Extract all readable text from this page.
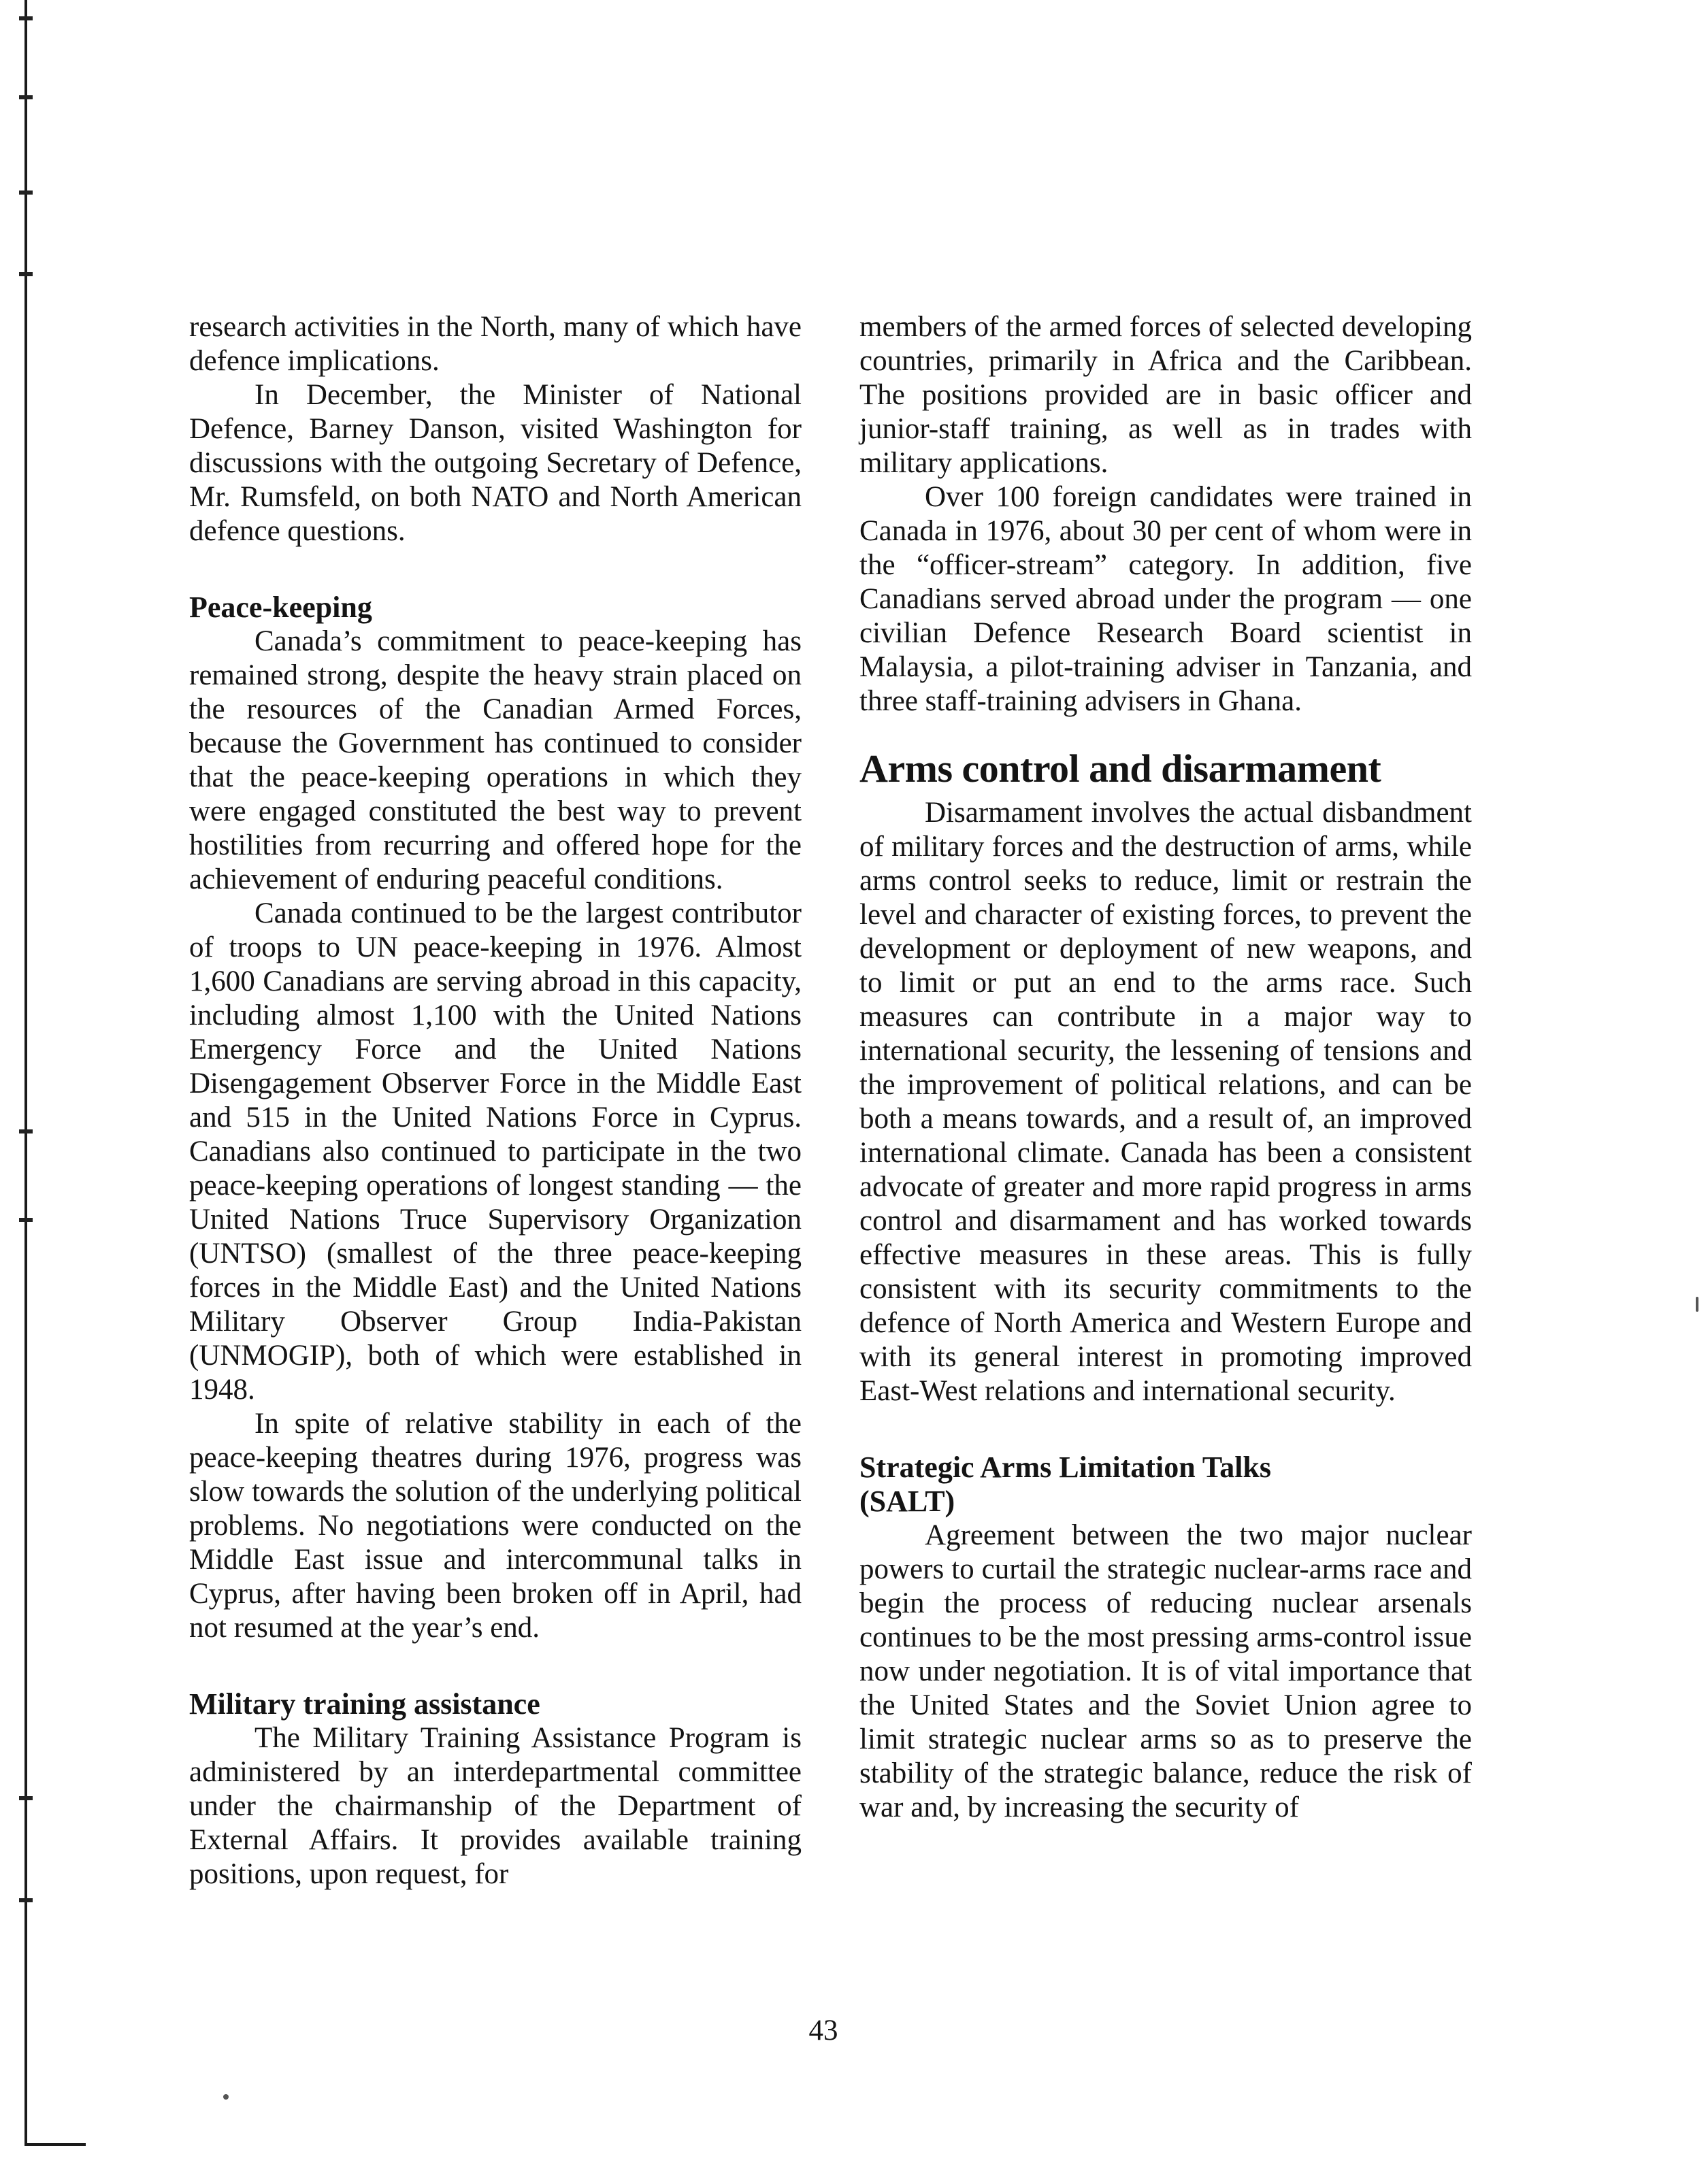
research activities in the North, many of which have defence implications.

In December, the Minister of National Defence, Barney Danson, visited Washington for discussions with the outgoing Secretary of Defence, Mr. Rumsfeld, on both NATO and North American defence questions.

Peace-keeping

Canada’s commitment to peace-keeping has remained strong, despite the heavy strain placed on the resources of the Canadian Armed Forces, because the Government has continued to consider that the peace-keeping operations in which they were engaged constituted the best way to prevent hostilities from recurring and offered hope for the achievement of enduring peaceful conditions.

Canada continued to be the largest contributor of troops to UN peace-keeping in 1976. Almost 1,600 Canadians are serving abroad in this capacity, including almost 1,100 with the United Nations Emergency Force and the United Nations Disengagement Observer Force in the Middle East and 515 in the United Nations Force in Cyprus. Canadians also continued to participate in the two peace-keeping operations of longest standing — the United Nations Truce Supervisory Organization (UNTSO) (smallest of the three peace-keeping forces in the Middle East) and the United Nations Military Observer Group India-Pakistan (UNMOGIP), both of which were established in 1948.

In spite of relative stability in each of the peace-keeping theatres during 1976, progress was slow towards the solution of the underlying political problems. No negotiations were conducted on the Middle East issue and intercommunal talks in Cyprus, after having been broken off in April, had not resumed at the year’s end.

Military training assistance

The Military Training Assistance Program is administered by an interdepartmental committee under the chairmanship of the Department of External Affairs. It provides available training positions, upon request, for

members of the armed forces of selected developing countries, primarily in Africa and the Caribbean. The positions provided are in basic officer and junior-staff training, as well as in trades with military applications.

Over 100 foreign candidates were trained in Canada in 1976, about 30 per cent of whom were in the “officer-stream” category. In addition, five Canadians served abroad under the program — one civilian Defence Research Board scientist in Malaysia, a pilot-training adviser in Tanzania, and three staff-training advisers in Ghana.

Arms control and disarmament

Disarmament involves the actual disbandment of military forces and the destruction of arms, while arms control seeks to reduce, limit or restrain the level and character of existing forces, to prevent the development or deployment of new weapons, and to limit or put an end to the arms race. Such measures can contribute in a major way to international security, the lessening of tensions and the improvement of political relations, and can be both a means towards, and a result of, an improved international climate. Canada has been a consistent advocate of greater and more rapid progress in arms control and disarmament and has worked towards effective measures in these areas. This is fully consistent with its security commitments to the defence of North America and Western Europe and with its general interest in promoting improved East-West relations and international security.

Strategic Arms Limitation Talks
(SALT)

Agreement between the two major nuclear powers to curtail the strategic nuclear-arms race and begin the process of reducing nuclear arsenals continues to be the most pressing arms-control issue now under negotiation. It is of vital importance that the United States and the Soviet Union agree to limit strategic nuclear arms so as to preserve the stability of the strategic balance, reduce the risk of war and, by increasing the security of

43
